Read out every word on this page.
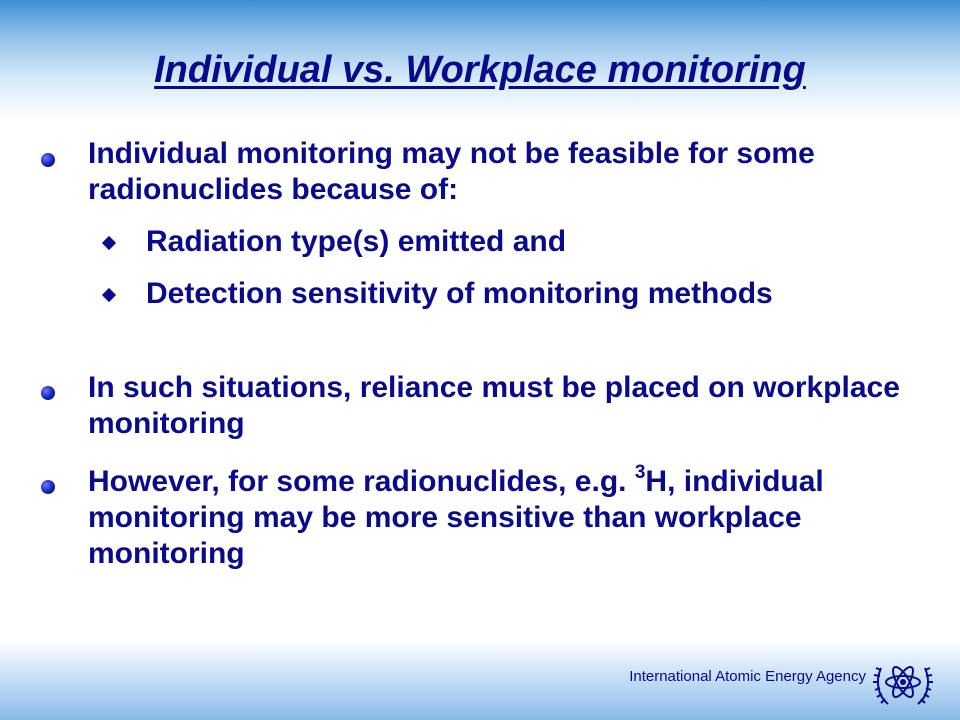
Individual vs. Workplace monitoring
Individual monitoring may not be feasible for some radionuclides because of:
Radiation type(s) emitted and
Detection sensitivity of monitoring methods
In such situations, reliance must be placed on workplace monitoring
However, for some radionuclides, e.g. $^3$H, individual monitoring may be more sensitive than workplace monitoring
International Atomic Energy Agency
